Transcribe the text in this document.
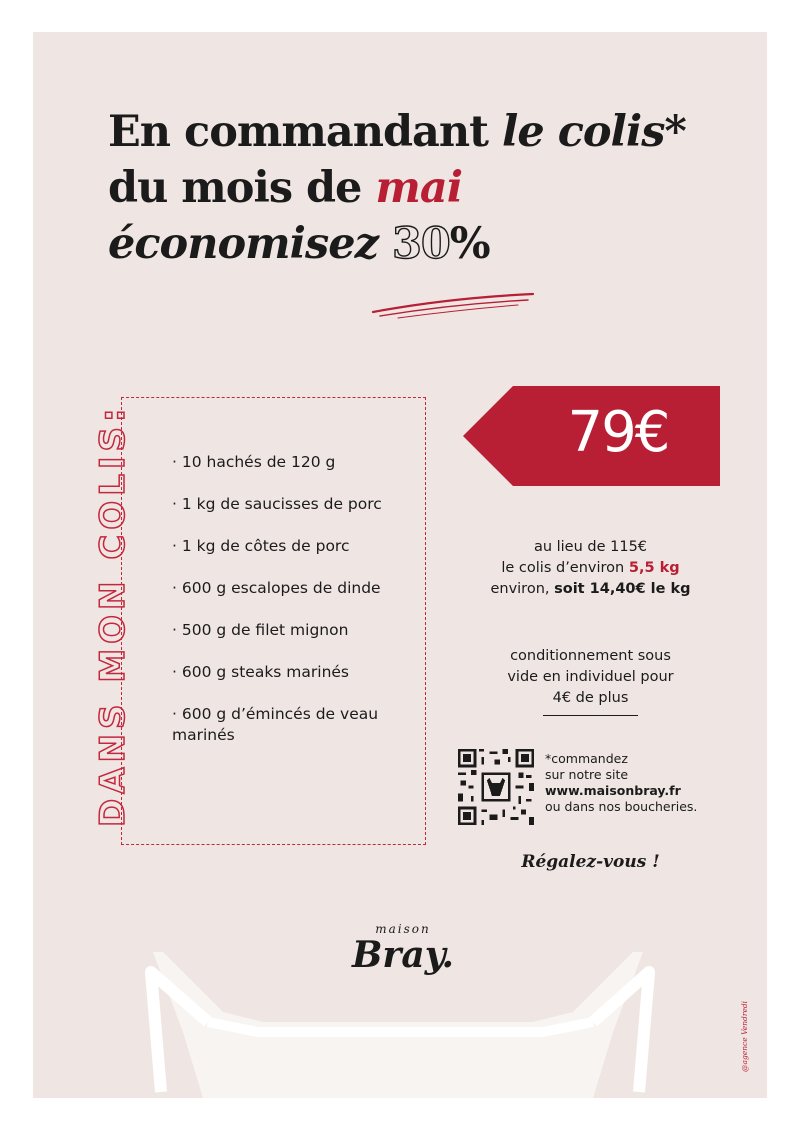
En commandant le colis*
du mois de mai
économisez 30%
DANS MON COLIS:	· 10 hachés de 120 g
· 1 kg de saucisses de porc
· 1 kg de côtes de porc
· 600 g escalopes de dinde
· 500 g de filet mignon
· 600 g steaks marinés
· 600 g d’émincés de veau marinés
79€
au lieu de 115€
le colis d’environ 5,5 kg
environ, soit 14,40€ le kg
conditionnement sous
vide en individuel pour
4€ de plus
*commandez
sur notre site
www.maisonbray.fr
ou dans nos boucheries.
Régalez-vous !
maison
Bray.
@agence Vendredi
